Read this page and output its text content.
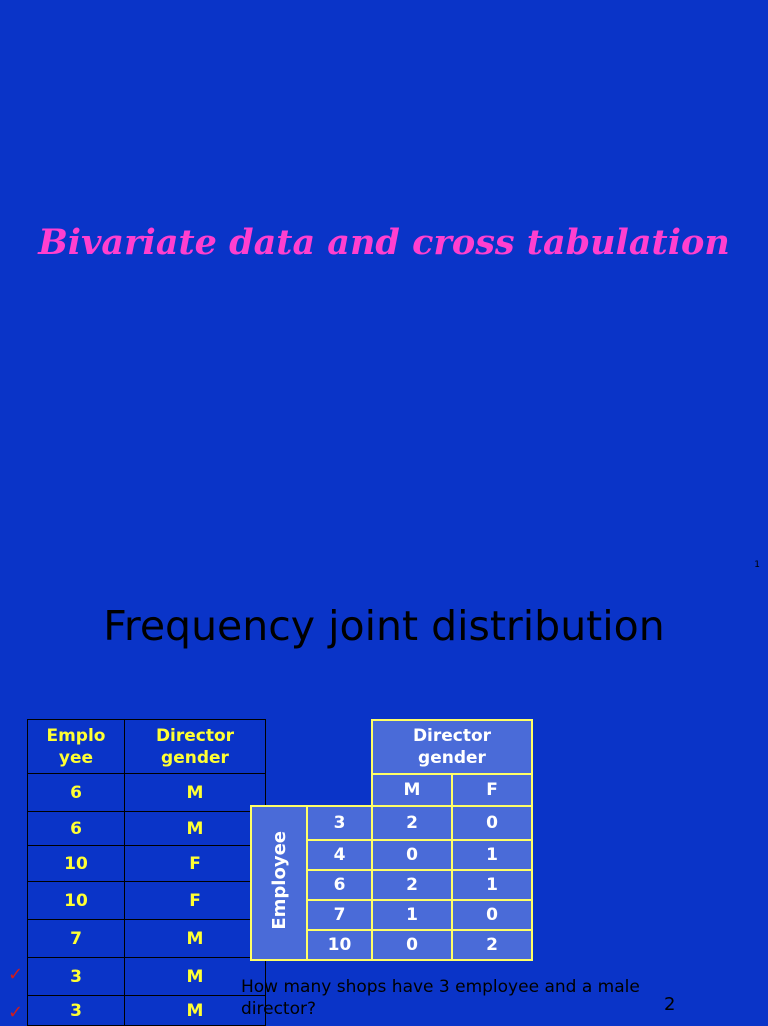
Bivariate data and cross tabulation
1
Frequency joint distribution
Emplo yee	Director gender
6	M
6	M
10	F
10	F
7	M
3	M
3	M
✓
✓
		Director gender	
		M	F
Employee	3	2	0
	4	0	1
	6	2	1
	7	1	0
	10	0	2
How many shops have 3 employee and a male director?	2
